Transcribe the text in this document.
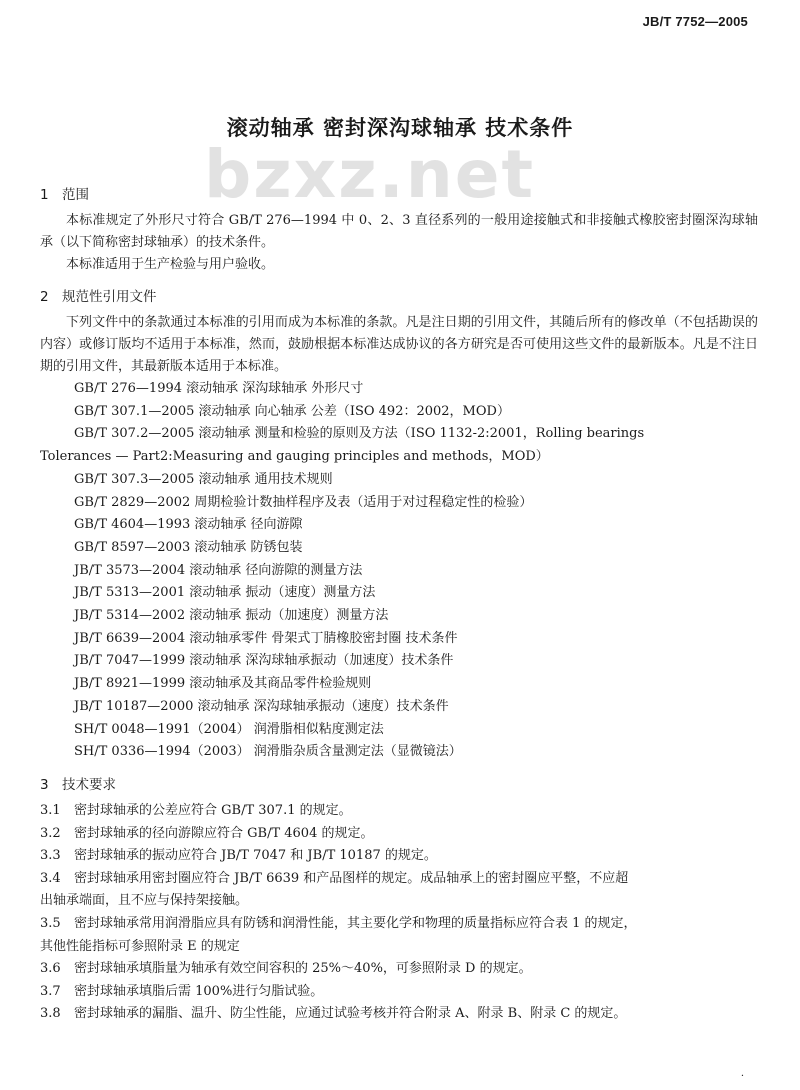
JB/T 7752—2005
滚动轴承 密封深沟球轴承 技术条件
bzxz.net
1 范围

本标准规定了外形尺寸符合 GB/T 276—1994 中 0、2、3 直径系列的一般用途接触式和非接触式橡胶密封圈深沟球轴承（以下简称密封球轴承）的技术条件。

本标准适用于生产检验与用户验收。

2 规范性引用文件

下列文件中的条款通过本标准的引用而成为本标准的条款。凡是注日期的引用文件，其随后所有的修改单（不包括勘误的内容）或修订版均不适用于本标准，然而，鼓励根据本标准达成协议的各方研究是否可使用这些文件的最新版本。凡是不注日期的引用文件，其最新版本适用于本标准。

GB/T 276—1994 滚动轴承 深沟球轴承 外形尺寸

GB/T 307.1—2005 滚动轴承 向心轴承 公差（ISO 492：2002，MOD）

GB/T 307.2—2005 滚动轴承 测量和检验的原则及方法（ISO 1132-2:2001，Rolling bearings

Tolerances — Part2:Measuring and gauging principles and methods，MOD）

GB/T 307.3—2005 滚动轴承 通用技术规则

GB/T 2829—2002 周期检验计数抽样程序及表（适用于对过程稳定性的检验）

GB/T 4604—1993 滚动轴承 径向游隙

GB/T 8597—2003 滚动轴承 防锈包装

JB/T 3573—2004 滚动轴承 径向游隙的测量方法

JB/T 5313—2001 滚动轴承 振动（速度）测量方法

JB/T 5314—2002 滚动轴承 振动（加速度）测量方法

JB/T 6639—2004 滚动轴承零件 骨架式丁腈橡胶密封圈 技术条件

JB/T 7047—1999 滚动轴承 深沟球轴承振动（加速度）技术条件

JB/T 8921—1999 滚动轴承及其商品零件检验规则

JB/T 10187—2000 滚动轴承 深沟球轴承振动（速度）技术条件

SH/T 0048—1991（2004） 润滑脂相似粘度测定法

SH/T 0336—1994（2003） 润滑脂杂质含量测定法（显微镜法）

3 技术要求

3.1 密封球轴承的公差应符合 GB/T 307.1 的规定。

3.2 密封球轴承的径向游隙应符合 GB/T 4604 的规定。

3.3 密封球轴承的振动应符合 JB/T 7047 和 JB/T 10187 的规定。

3.4 密封球轴承用密封圈应符合 JB/T 6639 和产品图样的规定。成品轴承上的密封圈应平整，不应超

出轴承端面，且不应与保持架接触。

3.5 密封球轴承常用润滑脂应具有防锈和润滑性能，其主要化学和物理的质量指标应符合表 1 的规定，

其他性能指标可参照附录 E 的规定

3.6 密封球轴承填脂量为轴承有效空间容积的 25%～40%，可参照附录 D 的规定。

3.7 密封球轴承填脂后需 100%进行匀脂试验。

3.8 密封球轴承的漏脂、温升、防尘性能，应通过试验考核并符合附录 A、附录 B、附录 C 的规定。

·
